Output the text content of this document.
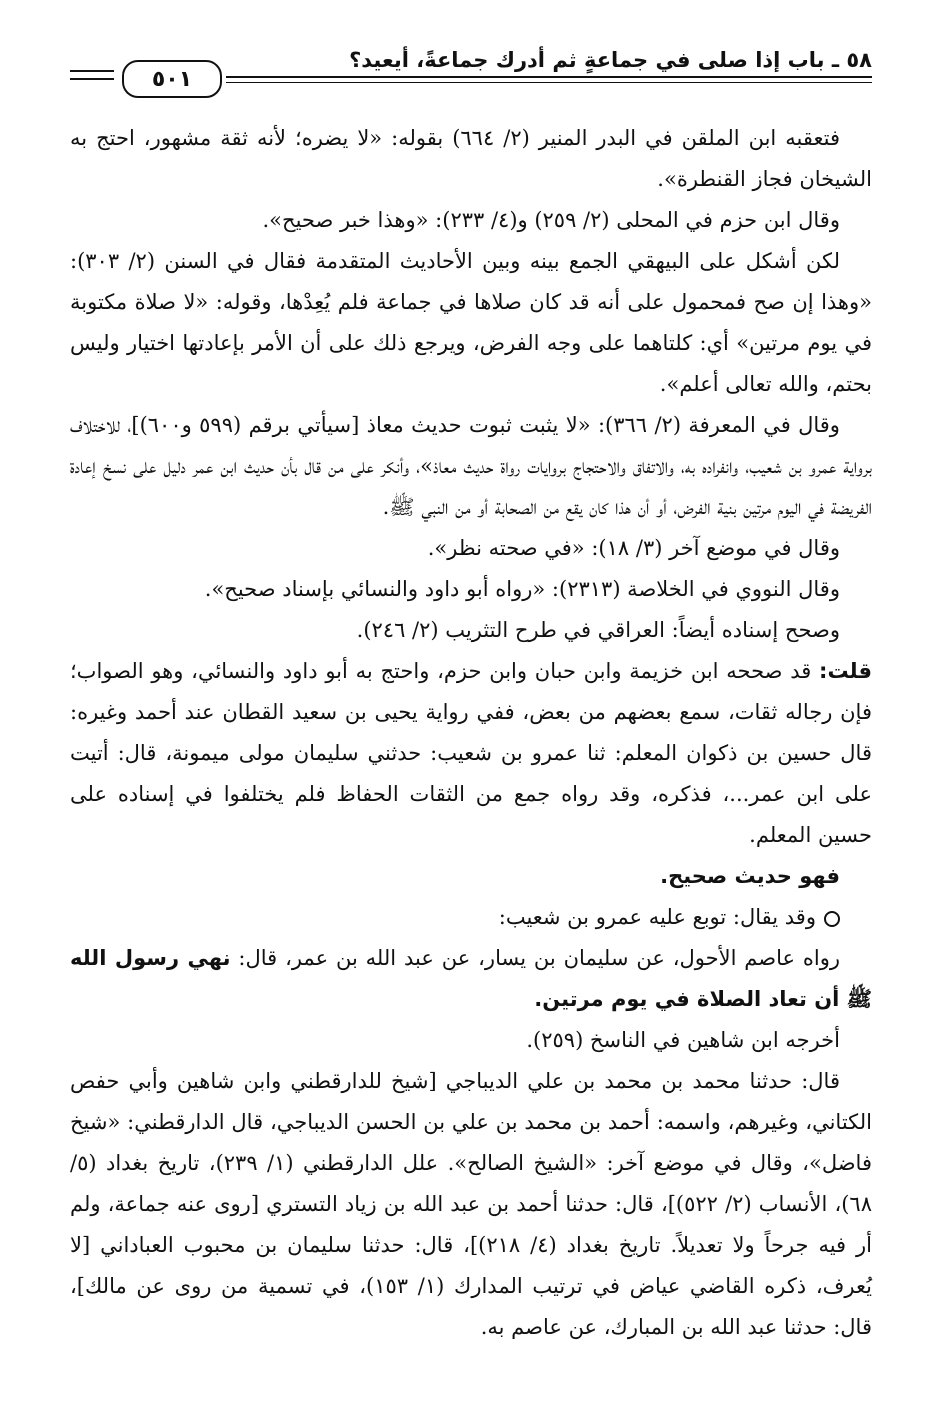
٥٨ ـ باب إذا صلى في جماعةٍ ثم أدرك جماعةً، أيعيد؟
٥٠١

فتعقبه ابن الملقن في البدر المنير (٢/ ٦٦٤) بقوله: «لا يضره؛ لأنه ثقة مشهور، احتج به الشيخان فجاز القنطرة».

وقال ابن حزم في المحلى (٢/ ٢٥٩) و(٤/ ٢٣٣): «وهذا خبر صحيح».

لكن أشكل على البيهقي الجمع بينه وبين الأحاديث المتقدمة فقال في السنن (٢/ ٣٠٣): «وهذا إن صح فمحمول على أنه قد كان صلاها في جماعة فلم يُعِدْها، وقوله: «لا صلاة مكتوبة في يوم مرتين» أي: كلتاهما على وجه الفرض، ويرجع ذلك على أن الأمر بإعادتها اختيار وليس بحتم، والله تعالى أعلم».

وقال في المعرفة (٢/ ٣٦٦): «لا يثبت ثبوت حديث معاذ [سيأتي برقم (٥٩٩ و٦٠٠)]، للاختلاف برواية عمرو بن شعيب، وانفراده به، والاتفاق والاحتجاج بروايات رواة حديث معاذ»، وأنكر على من قال بأن حديث ابن عمر دليل على نسخ إعادة الفريضة في اليوم مرتين بنية الفرض، أو أن هذا كان يقع من الصحابة أو من النبي ﷺ.

وقال في موضع آخر (٣/ ١٨): «في صحته نظر».

وقال النووي في الخلاصة (٢٣١٣): «رواه أبو داود والنسائي بإسناد صحيح».

وصحح إسناده أيضاً: العراقي في طرح التثريب (٢/ ٢٤٦).

قلت: قد صححه ابن خزيمة وابن حبان وابن حزم، واحتج به أبو داود والنسائي، وهو الصواب؛ فإن رجاله ثقات، سمع بعضهم من بعض، ففي رواية يحيى بن سعيد القطان عند أحمد وغيره: قال حسين بن ذكوان المعلم: ثنا عمرو بن شعيب: حدثني سليمان مولى ميمونة، قال: أتيت على ابن عمر...، فذكره، وقد رواه جمع من الثقات الحفاظ فلم يختلفوا في إسناده على حسين المعلم.

فهو حديث صحيح.

وقد يقال: توبع عليه عمرو بن شعيب:

رواه عاصم الأحول، عن سليمان بن يسار، عن عبد الله بن عمر، قال: نهي رسول الله ﷺ أن تعاد الصلاة في يوم مرتين.

أخرجه ابن شاهين في الناسخ (٢٥٩).

قال: حدثنا محمد بن محمد بن علي الديباجي [شيخ للدارقطني وابن شاهين وأبي حفص الكتاني، وغيرهم، واسمه: أحمد بن محمد بن علي بن الحسن الديباجي، قال الدارقطني: «شيخ فاضل»، وقال في موضع آخر: «الشيخ الصالح». علل الدارقطني (١/ ٢٣٩)، تاريخ بغداد (٥/ ٦٨)، الأنساب (٢/ ٥٢٢)]، قال: حدثنا أحمد بن عبد الله بن زياد التستري [روى عنه جماعة، ولم أر فيه جرحاً ولا تعديلاً. تاريخ بغداد (٤/ ٢١٨)]، قال: حدثنا سليمان بن محبوب العباداني [لا يُعرف، ذكره القاضي عياض في ترتيب المدارك (١/ ١٥٣)، في تسمية من روى عن مالك]، قال: حدثنا عبد الله بن المبارك، عن عاصم به.
